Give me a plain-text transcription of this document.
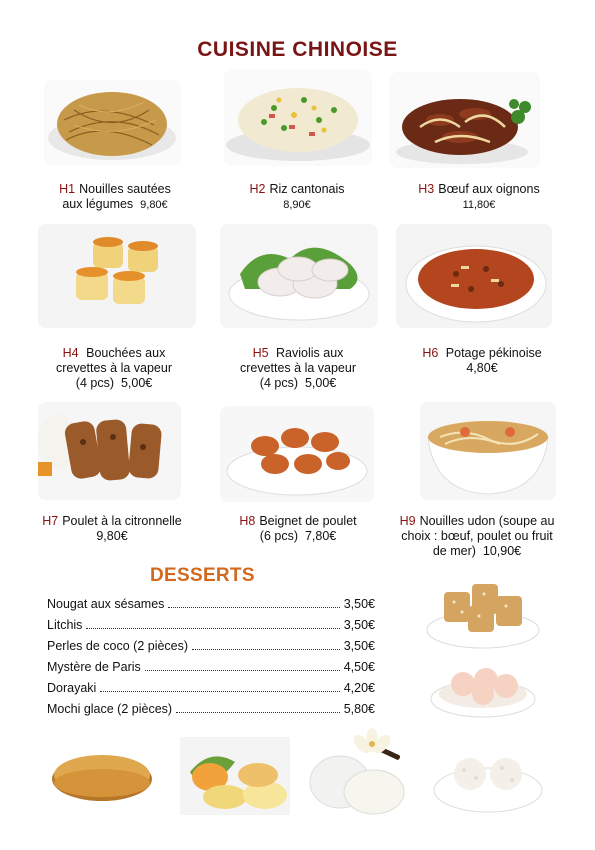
CUISINE CHINOISE
H1 Nouilles sautées
aux légumes 9,80€
H2 Riz cantonais
8,90€
H3 Bœuf aux oignons
11,80€
H4 Bouchées aux
crevettes à la vapeur
(4 pcs) 5,00€
H5 Raviolis aux
crevettes à la vapeur
(4 pcs) 5,00€
H6 Potage pékinoise
4,80€
H7 Poulet à la citronnelle
9,80€
H8 Beignet de poulet
(6 pcs) 7,80€
H9 Nouilles udon (soupe au
choix : bœuf, poulet ou fruit
de mer) 10,90€
DESSERTS
Nougat aux sésames	3,50€
Litchis	3,50€
Perles de coco (2 pièces)	3,50€
Mystère de Paris	4,50€
Dorayaki	4,20€
Mochi glace (2 pièces)	5,80€
